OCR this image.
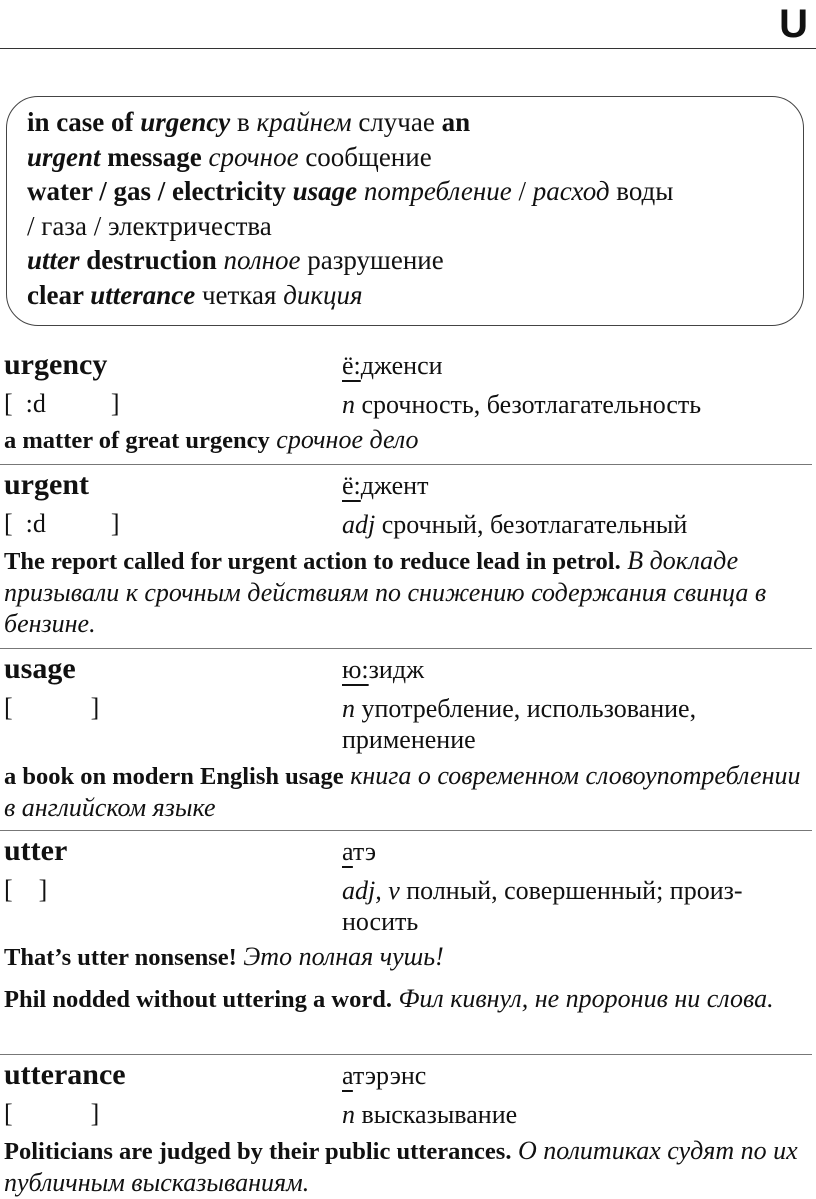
U
in case of urgency в крайнем случае an
urgent message срочное сообщение
water / gas / electricity usage потребление / расход воды
/ газа / электричества
utter destruction полное разрушение
clear utterance четкая дикция
urgency
[  :d          ]
ё:дженси
n срочность, безотлагательность
a matter of great urgency срочное дело
urgent
[  :d          ]
ё:джент
adj срочный, безотлагательный
The report called for urgent action to reduce lead in petrol. В докладе призывали к срочным действиям по снижению содержания свинца в бензине.
usage
[            ]
ю:зидж
n употребление, использование, применение
a book on modern English usage книга о современном словоупотреблении в английском языке
utter
[    ]
атэ
adj, v полный, совершенный; произносить
That’s utter nonsense! Это полная чушь!
Phil nodded without uttering a word. Фил кивнул, не проронив ни слова.
utterance
[            ]
атэрэнс
n высказывание
Politicians are judged by their public utterances. О политиках судят по их публичным высказываниям.
